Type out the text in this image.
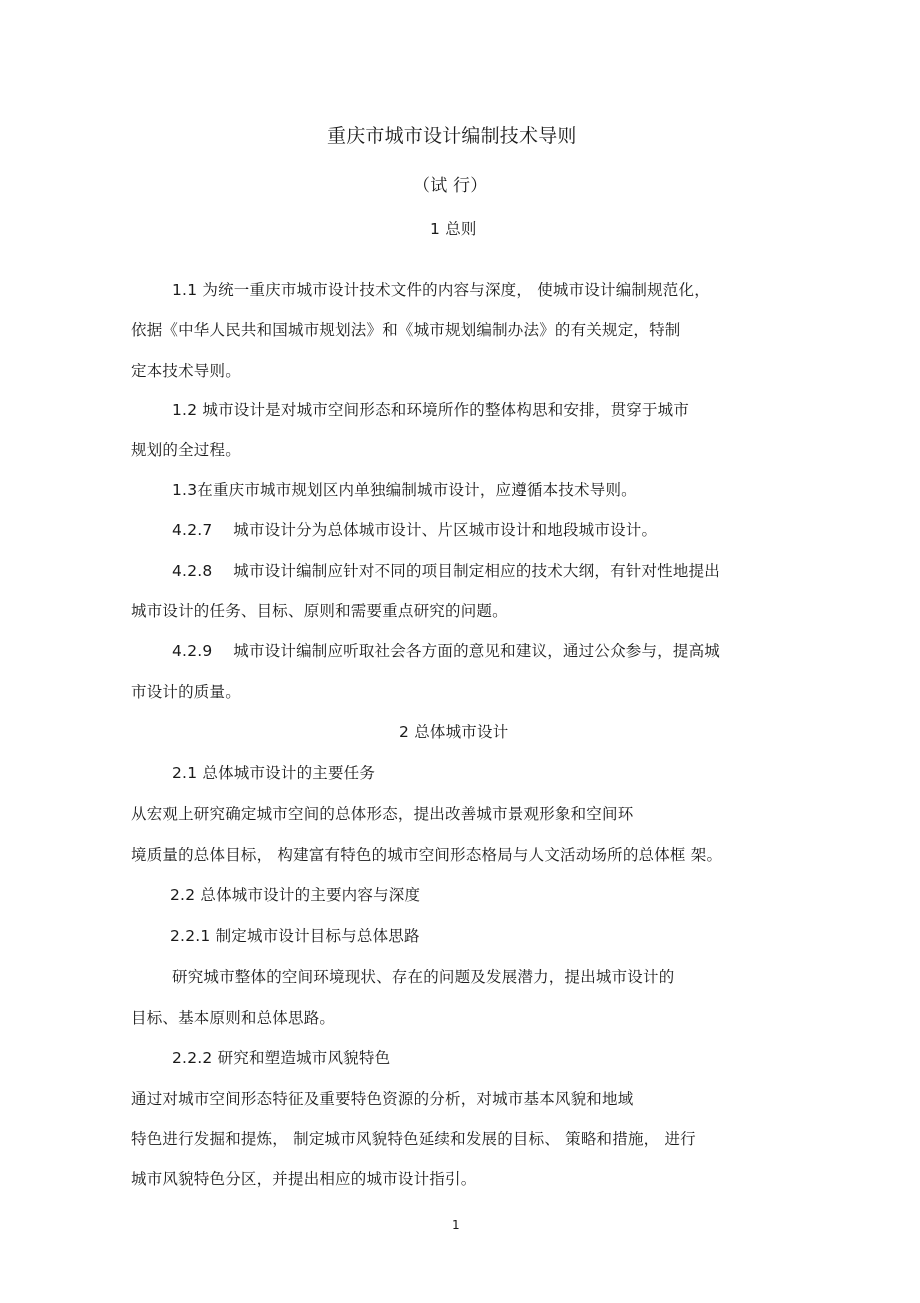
重庆市城市设计编制技术导则
（试 行）
1 总则
1.1 为统一重庆市城市设计技术文件的内容与深度， 使城市设计编制规范化，
依据《中华人民共和国城市规划法》和《城市规划编制办法》的有关规定，特制
定本技术导则。
1.2 城市设计是对城市空间形态和环境所作的整体构思和安排，贯穿于城市
规划的全过程。
1.3在重庆市城市规划区内单独编制城市设计，应遵循本技术导则。
4.2.7　 城市设计分为总体城市设计、片区城市设计和地段城市设计。
4.2.8　 城市设计编制应针对不同的项目制定相应的技术大纲，有针对性地提出
城市设计的任务、目标、原则和需要重点研究的问题。
4.2.9　 城市设计编制应听取社会各方面的意见和建议，通过公众参与，提高城
市设计的质量。
2 总体城市设计
2.1 总体城市设计的主要任务
从宏观上研究确定城市空间的总体形态，提出改善城市景观形象和空间环
境质量的总体目标， 构建富有特色的城市空间形态格局与人文活动场所的总体框 架。
2.2 总体城市设计的主要内容与深度
2.2.1 制定城市设计目标与总体思路
研究城市整体的空间环境现状、存在的问题及发展潜力，提出城市设计的
目标、基本原则和总体思路。
2.2.2 研究和塑造城市风貌特色
通过对城市空间形态特征及重要特色资源的分析，对城市基本风貌和地域
特色进行发掘和提炼， 制定城市风貌特色延续和发展的目标、 策略和措施， 进行
城市风貌特色分区，并提出相应的城市设计指引。
1
